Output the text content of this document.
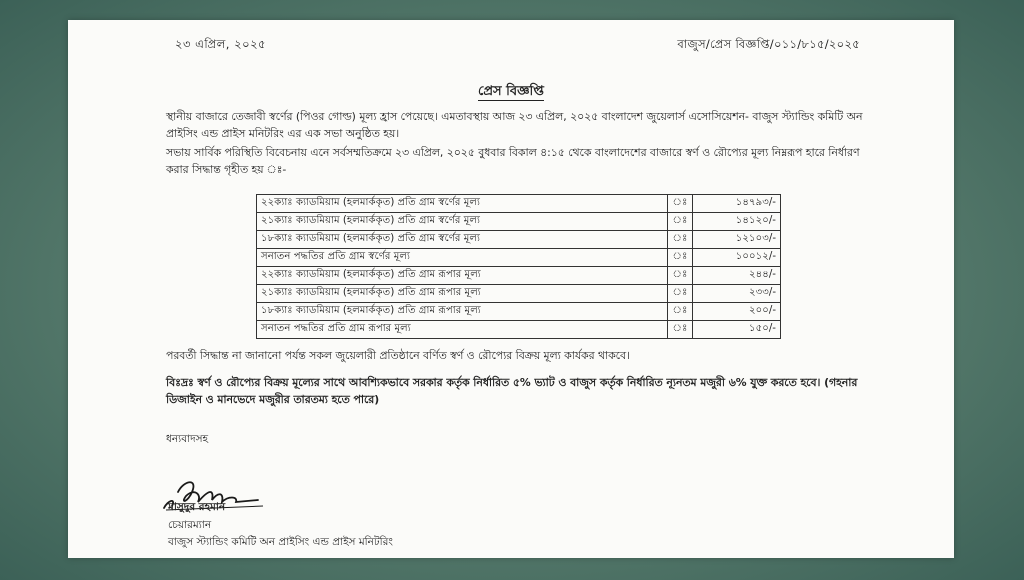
২৩ এপ্রিল, ২০২৫	বাজুস/প্রেস বিজ্ঞপ্তি/০১১/৮১৫/২০২৫
প্রেস বিজ্ঞপ্তি
স্থানীয় বাজারে তেজাবী স্বর্ণের (পিওর গোল্ড) মূল্য হ্রাস পেয়েছে। এমতাবস্থায় আজ ২৩ এপ্রিল, ২০২৫ বাংলাদেশ জুয়েলার্স এসোসিয়েশন- বাজুস স্ট্যান্ডিং কমিটি অন প্রাইসিং এন্ড প্রাইস মনিটরিং এর এক সভা অনুষ্ঠিত হয়।
সভায় সার্বিক পরিস্থিতি বিবেচনায় এনে সর্বসম্মতিক্রমে ২৩ এপ্রিল, ২০২৫ বুধবার বিকাল ৪:১৫ থেকে বাংলাদেশের বাজারে স্বর্ণ ও রৌপ্যের মূল্য নিম্নরূপ হারে নির্ধারণ করার সিদ্ধান্ত গৃহীত হয় ঃ-
২২ক্যাঃ ক্যাডমিয়াম (হলমার্ককৃত) প্রতি গ্রাম স্বর্ণের মূল্য	ঃ	১৪৭৯৩/-
২১ক্যাঃ ক্যাডমিয়াম (হলমার্ককৃত) প্রতি গ্রাম স্বর্ণের মূল্য	ঃ	১৪১২০/-
১৮ক্যাঃ ক্যাডমিয়াম (হলমার্ককৃত) প্রতি গ্রাম স্বর্ণের মূল্য	ঃ	১২১০৩/-
সনাতন পদ্ধতির প্রতি গ্রাম স্বর্ণের মূল্য	ঃ	১০০১২/-
২২ক্যাঃ ক্যাডমিয়াম (হলমার্ককৃত) প্রতি গ্রাম রূপার মূল্য	ঃ	২৪৪/-
২১ক্যাঃ ক্যাডমিয়াম (হলমার্ককৃত) প্রতি গ্রাম রূপার মূল্য	ঃ	২৩৩/-
১৮ক্যাঃ ক্যাডমিয়াম (হলমার্ককৃত) প্রতি গ্রাম রূপার মূল্য	ঃ	২০০/-
সনাতন পদ্ধতির প্রতি গ্রাম রূপার মূল্য	ঃ	১৫০/-
পরবর্তী সিদ্ধান্ত না জানানো পর্যন্ত সকল জুয়েলারী প্রতিষ্ঠানে বর্ণিত স্বর্ণ ও রৌপ্যের বিক্রয় মূল্য কার্যকর থাকবে।
বিঃদ্রঃ স্বর্ণ ও রৌপ্যের বিক্রয় মূল্যের সাথে আবশ্যিকভাবে সরকার কর্তৃক নির্ধারিত ৫% ভ্যাট ও বাজুস কর্তৃক নির্ধারিত ন্যূনতম মজুরী ৬% যুক্ত করতে হবে। (গহনার ডিজাইন ও মানভেদে মজুরীর তারতম্য হতে পারে)
ধন্যবাদসহ
মাসুদুর রহমান
চেয়ারম্যান
বাজুস স্ট্যান্ডিং কমিটি অন প্রাইসিং এন্ড প্রাইস মনিটরিং
